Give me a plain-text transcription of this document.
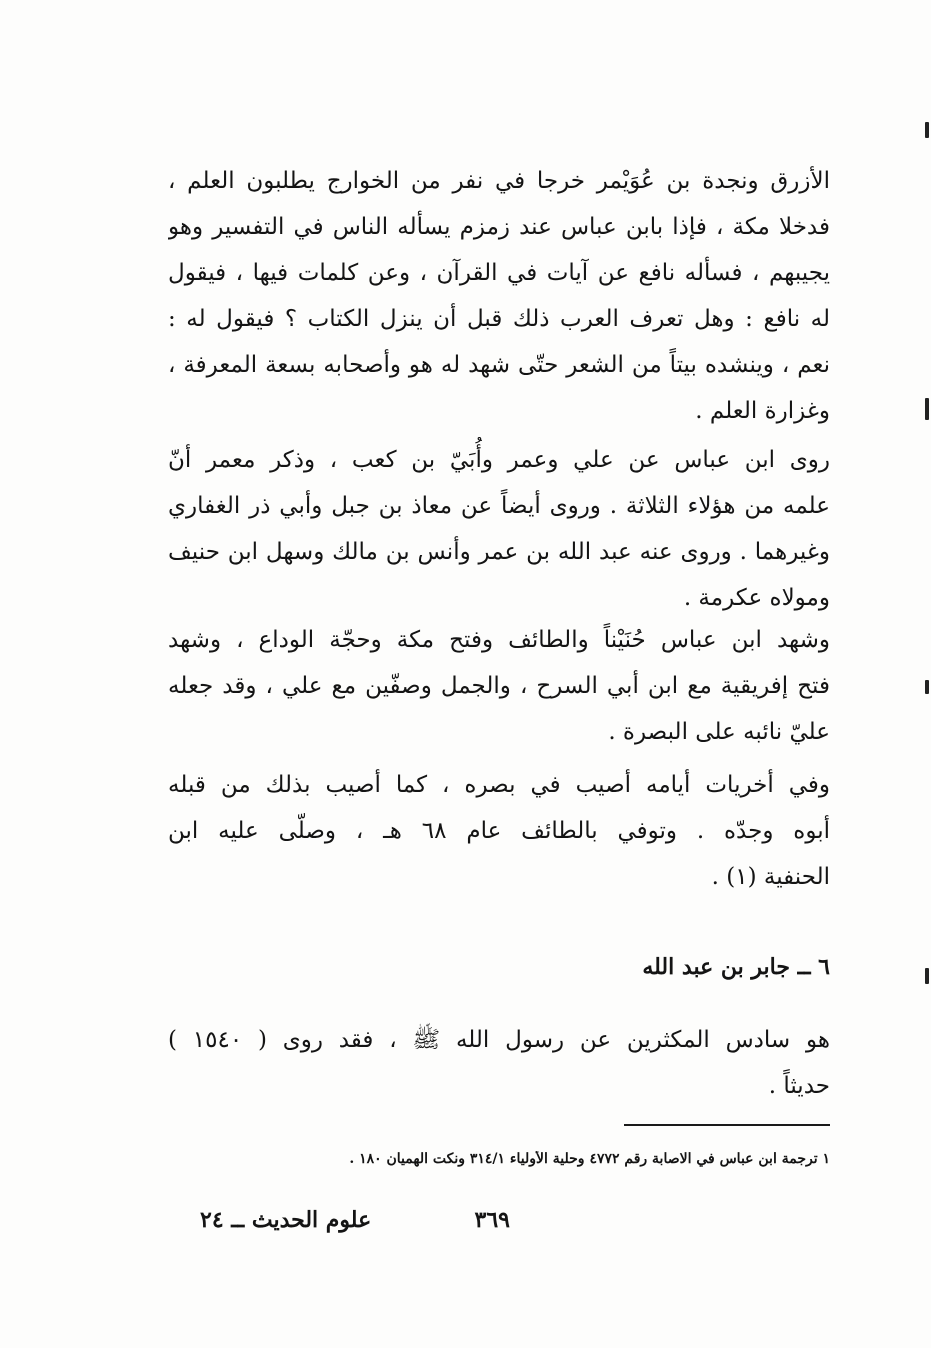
الأزرق ونجدة بن عُوَيْمر خرجا في نفر من الخوارج يطلبون العلم ،
فدخلا مكة ، فإذا بابن عباس عند زمزم يسأله الناس في التفسير وهو
يجيبهم ، فسأله نافع عن آيات في القرآن ، وعن كلمات فيها ، فيقول
له نافع : وهل تعرف العرب ذلك قبل أن ينزل الكتاب ؟ فيقول له :
نعم ، وينشده بيتاً من الشعر حتّى شهد له هو وأصحابه بسعة المعرفة ،
وغزارة العلم .
روى ابن عباس عن علي وعمر وأُبَيّ بن كعب ، وذكر معمر أنّ
علمه من هؤلاء الثلاثة . وروى أيضاً عن معاذ بن جبل وأبي ذر الغفاري
وغيرهما . وروى عنه عبد الله بن عمر وأنس بن مالك وسهل ابن حنيف
ومولاه عكرمة .
وشهد ابن عباس حُنَيْناً والطائف وفتح مكة وحجّة الوداع ، وشهد
فتح إفريقية مع ابن أبي السرح ، والجمل وصفّين مع علي ، وقد جعله
عليّ نائبه على البصرة .
وفي أخريات أيامه أصيب في بصره ، كما أصيب بذلك من قبله
أبوه وجدّه . وتوفي بالطائف عام ٦٨ هـ ، وصلّى عليه ابن
الحنفية (١) .
٦ ــ جابر بن عبد الله
هو سادس المكثرين عن رسول الله ﷺ ، فقد روى ( ١٥٤٠ )
حديثاً .
١ ترجمة ابن عباس في الاصابة رقم ٤٧٧٢ وحلية الأولياء ٣١٤/١ ونكت الهميان ١٨٠ .
٣٦٩
علوم الحديث ــ ٢٤
